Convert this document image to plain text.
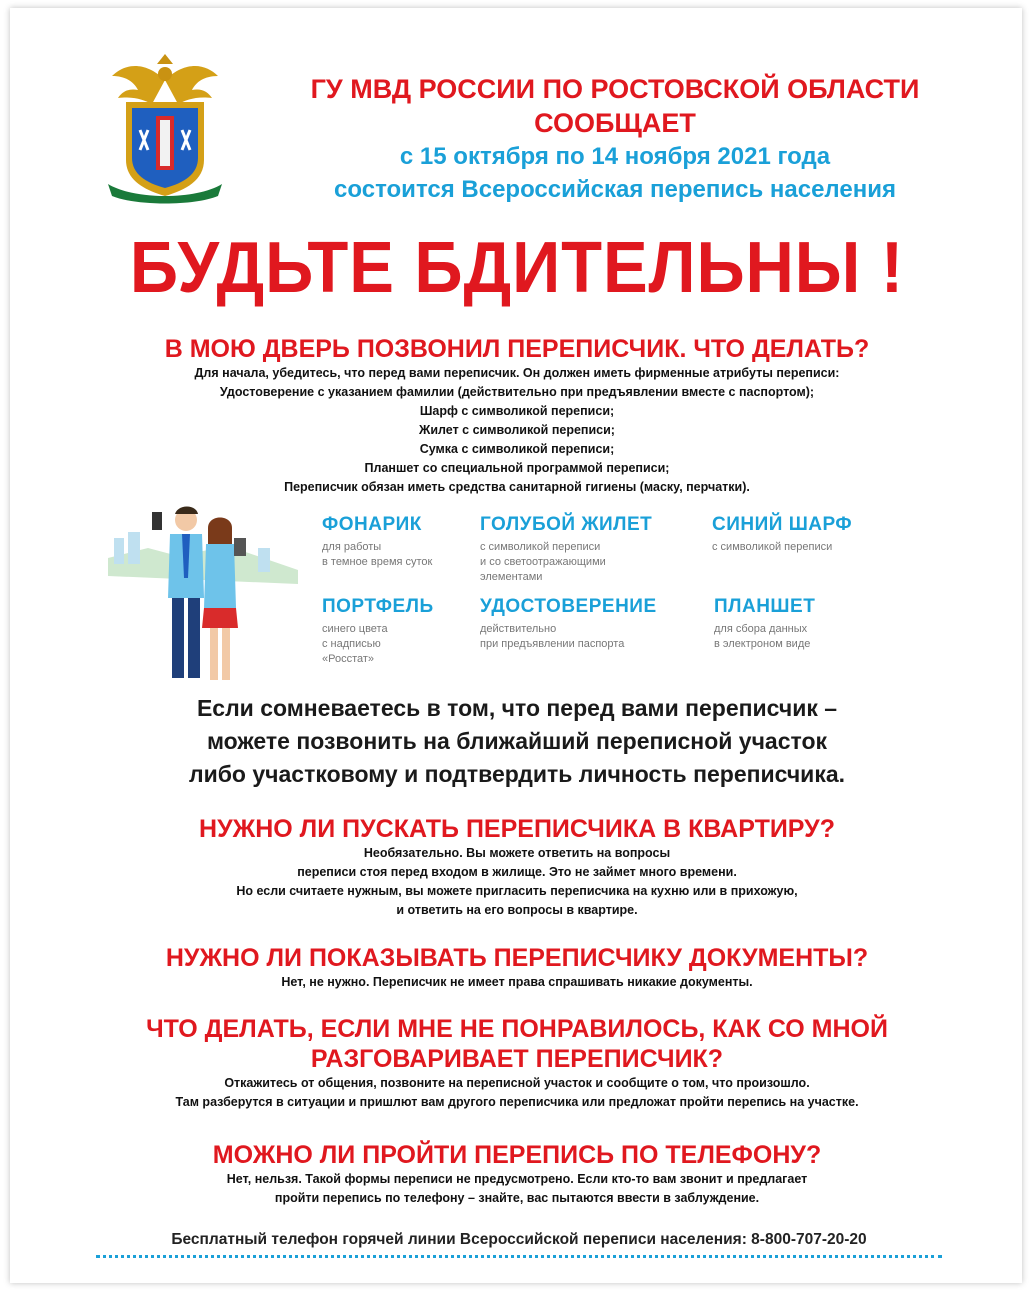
ГУ МВД РОССИИ ПО РОСТОВСКОЙ ОБЛАСТИ
СООБЩАЕТ
с 15 октября по 14 ноября 2021 года
состоится Всероссийская перепись населения
БУДЬТЕ БДИТЕЛЬНЫ !
В МОЮ ДВЕРЬ ПОЗВОНИЛ ПЕРЕПИСЧИК. ЧТО ДЕЛАТЬ?
Для начала, убедитесь, что перед вами переписчик. Он должен иметь фирменные атрибуты переписи:
Удостоверение с указанием фамилии (действительно при предъявлении вместе с паспортом);
Шарф с символикой переписи;
Жилет с символикой переписи;
Сумка с символикой переписи;
Планшет со специальной программой переписи;
Переписчик обязан иметь средства санитарной гигиены (маску, перчатки).
ФОНАРИК
для работы
в темное время суток
ГОЛУБОЙ ЖИЛЕТ
с символикой переписи
и со светоотражающими
элементами
СИНИЙ ШАРФ
с символикой переписи
ПОРТФЕЛЬ
синего цвета
с надписью
«Росстат»
УДОСТОВЕРЕНИЕ
действительно
при предъявлении паспорта
ПЛАНШЕТ
для сбора данных
в электроном виде
Если сомневаетесь в том, что перед вами переписчик –
можете позвонить на ближайший переписной участок
либо участковому и подтвердить личность переписчика.
НУЖНО ЛИ ПУСКАТЬ ПЕРЕПИСЧИКА В КВАРТИРУ?
Необязательно. Вы можете ответить на вопросы
переписи стоя перед входом в жилище. Это не займет много времени.
Но если считаете нужным, вы можете пригласить переписчика на кухню или в прихожую,
и ответить на его вопросы в квартире.
НУЖНО ЛИ ПОКАЗЫВАТЬ ПЕРЕПИСЧИКУ ДОКУМЕНТЫ?
Нет, не нужно. Переписчик не имеет права спрашивать никакие документы.
ЧТО ДЕЛАТЬ, ЕСЛИ МНЕ НЕ ПОНРАВИЛОСЬ, КАК СО МНОЙ
РАЗГОВАРИВАЕТ ПЕРЕПИСЧИК?
Откажитесь от общения, позвоните на переписной участок и сообщите о том, что произошло.
Там разберутся в ситуации и пришлют вам другого переписчика или предложат пройти перепись на участке.
МОЖНО ЛИ ПРОЙТИ ПЕРЕПИСЬ ПО ТЕЛЕФОНУ?
Нет, нельзя. Такой формы переписи не предусмотрено. Если кто-то вам звонит и предлагает
пройти перепись по телефону – знайте, вас пытаются ввести в заблуждение.
Бесплатный телефон горячей линии Всероссийской переписи населения: 8-800-707-20-20
